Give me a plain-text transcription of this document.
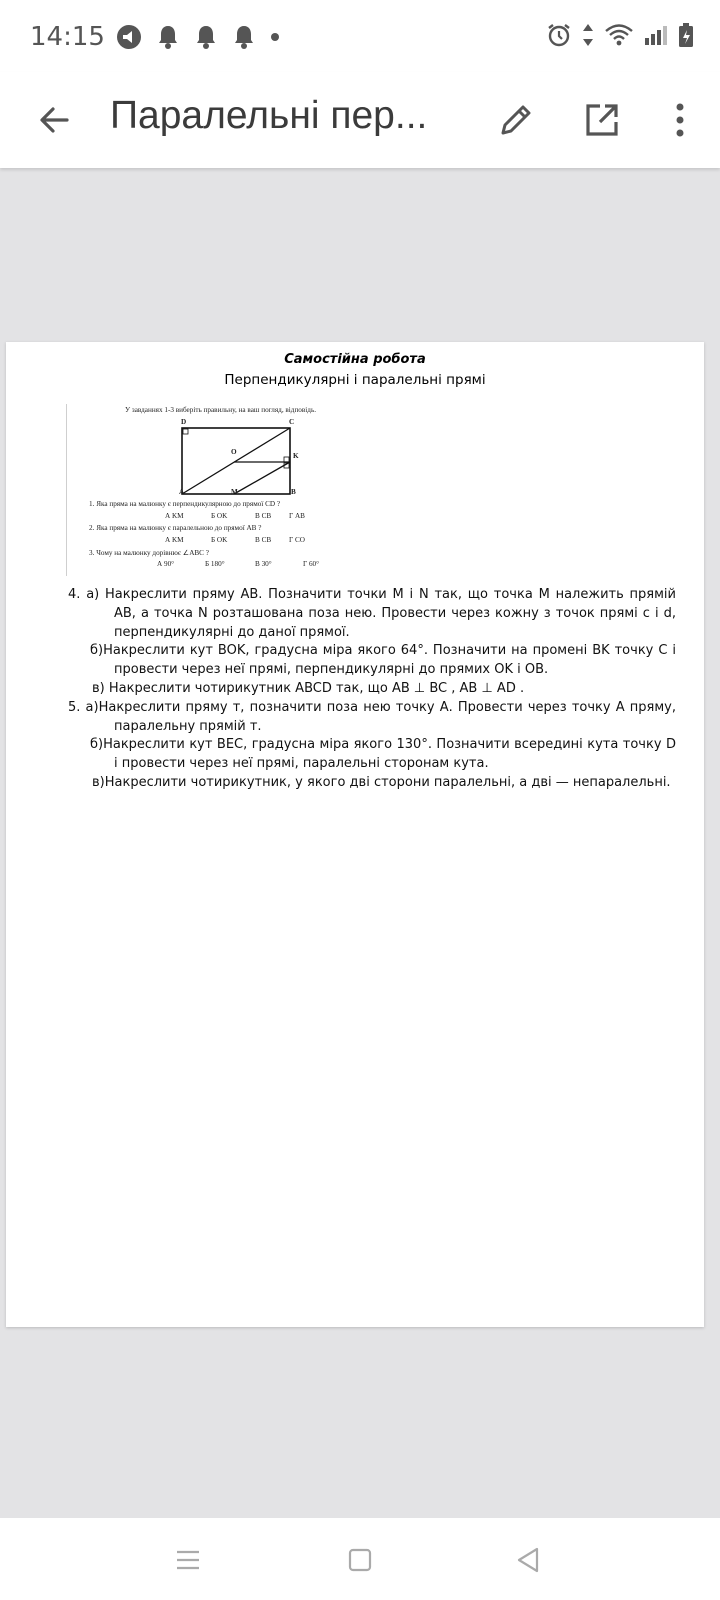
14:15
Паралельні пер...
Самостійна робота
Перпендикулярні і паралельні прямі
У завданнях 1-3 виберіть правильну, на ваш погляд, відповідь.
D	C
O	K
A	M	B
1. Яка пряма на малюнку є перпендикулярною до прямої CD ?
А KM	Б OK	В CB Г AB
2. Яка пряма на малюнку є паралельною до прямої AB ?
А KM	Б OK	В CB Г CO
3. Чому на малюнку дорівнює ∠ABC ?
А 90°	Б 180°	В 30°	Г 60°
4. а) Накреслити пряму AB. Позначити точки M і N так, що точка M належить прямій AB, а точка N розташована поза нею. Провести через кожну з точок прямі c і d, перпендикулярні до даної прямої.
б)Накреслити кут BOK, градусна міра якого 64°. Позначити на промені BK точку C і провести через неї прямі, перпендикулярні до прямих OK і OB.
в) Накреслити чотирикутник ABCD так, що AB ⊥ BC , AB ⊥ AD .
5. а)Накреслити пряму т, позначити поза нею точку А. Провести через точку А пряму, паралельну прямій т.
б)Накреслити кут BEC, градусна міра якого 130°. Позначити всередині кута точку D і провести через неї прямі, паралельні сторонам кута.
в)Накреслити чотирикутник, у якого дві сторони паралельні, а дві — непаралельні.
